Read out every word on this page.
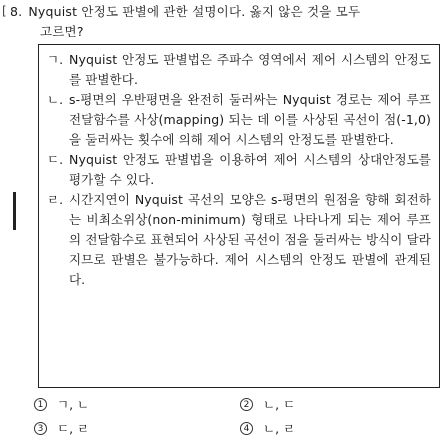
[ 8. Nyquist 안정도 판별에 관한 설명이다. 옳지 않은 것을 모두
고르면?
ㄱ. Nyquist 안정도 판별법은 주파수 영역에서 제어 시스템의 안정도를 판별한다.
ㄴ. s-평면의 우반평면을 완전히 둘러싸는 Nyquist 경로는 제어 루프전달함수를 사상(mapping) 되는 데 이를 사상된 곡선이 점(-1,0)을 둘러싸는 횟수에 의해 제어 시스템의 안정도를 판별한다.
ㄷ. Nyquist 안정도 판별법을 이용하여 제어 시스템의 상대안정도를 평가할 수 있다.
ㄹ. 시간지연이 Nyquist 곡선의 모양은 s-평면의 원점을 향해 회전하는 비최소위상(non-minimum) 형태로 나타나게 되는 제어 루프의 전달함수로 표현되어 사상된 곡선이 점을 둘러싸는 방식이 달라지므로 판별은 불가능하다. 제어 시스템의 안정도 판별에 관계된다.
1 ㄱ, ㄴ	2 ㄴ, ㄷ
3 ㄷ, ㄹ	4 ㄴ, ㄹ
